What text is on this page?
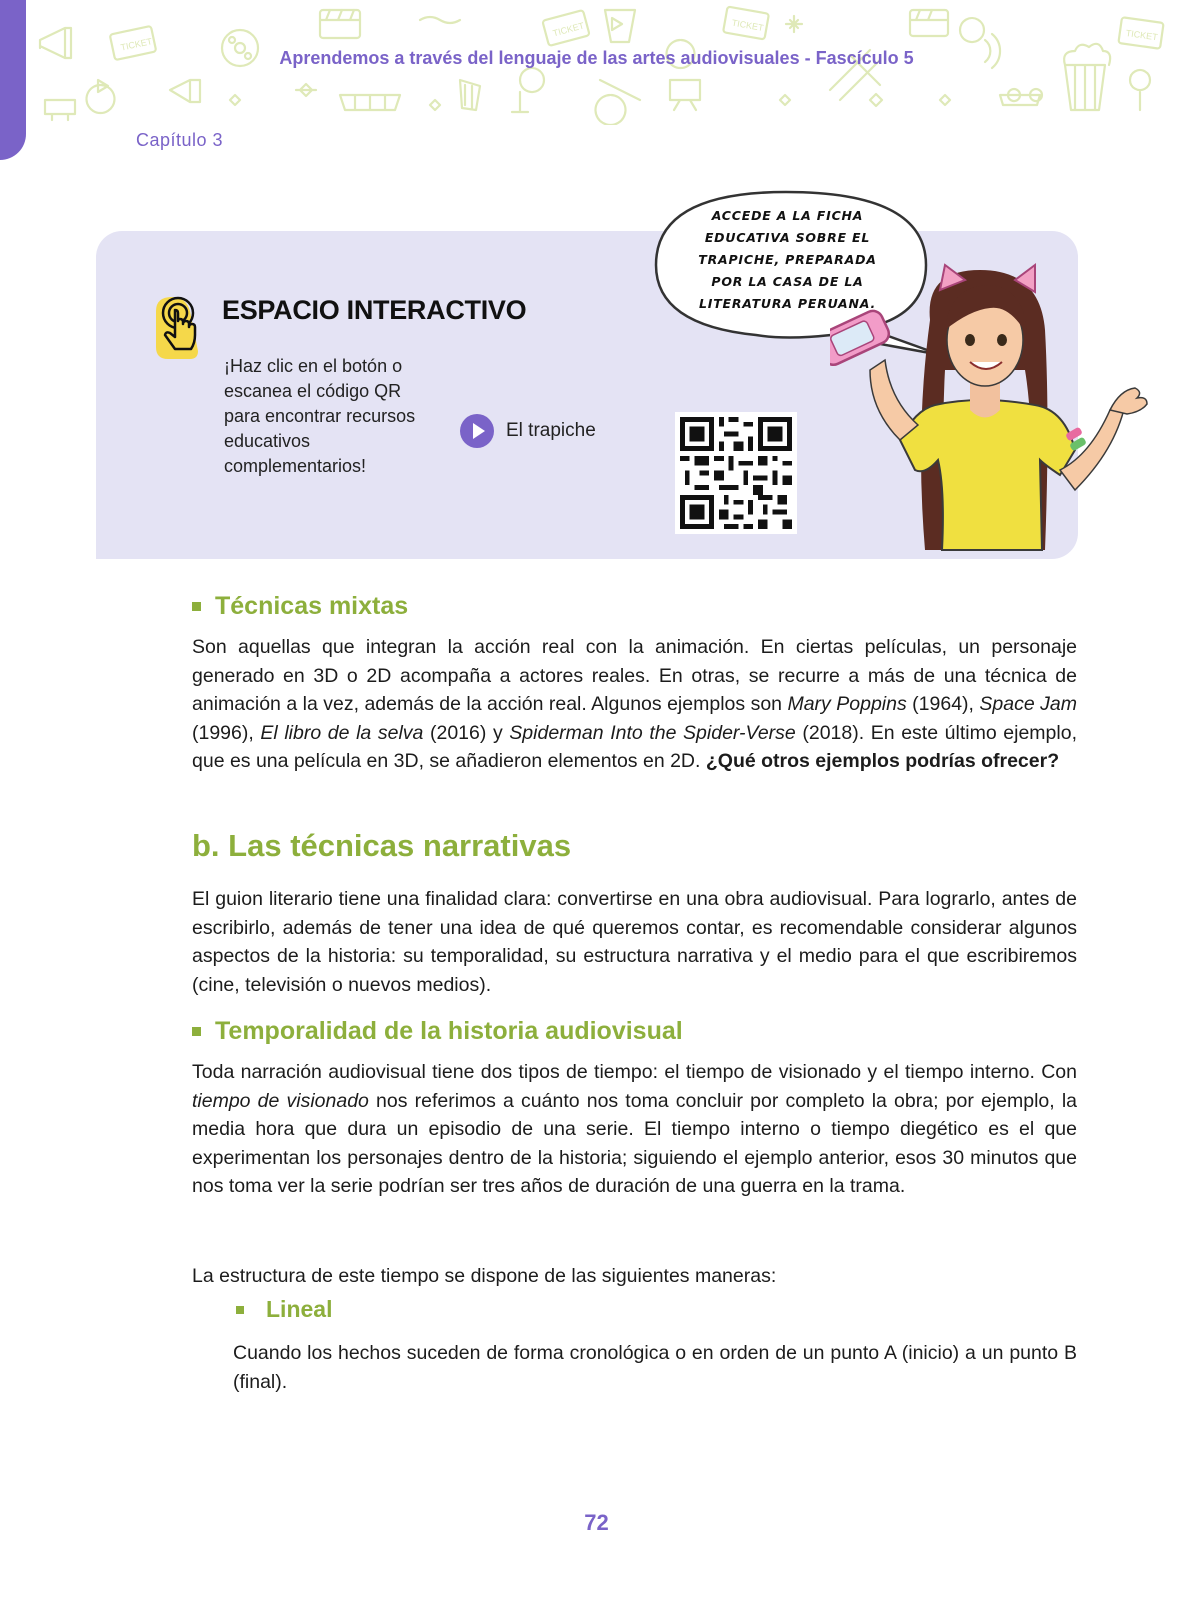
TICKET
TICKET	TICKET
TICKET
Aprendemos a través del lenguaje de las artes audiovisuales - Fascículo 5
Capítulo 3
ESPACIO INTERACTIVO
¡Haz clic en el botón o escanea el código QR para encontrar recursos educativos complementarios!
El trapiche
ACCEDE A LA FICHA EDUCATIVA SOBRE EL TRAPICHE, PREPARADA POR LA CASA DE LA LITERATURA PERUANA.
Técnicas mixtas
Son aquellas que integran la acción real con la animación. En ciertas películas, un personaje generado en 3D o 2D acompaña a actores reales. En otras, se recurre a más de una técnica de animación a la vez, además de la acción real. Algunos ejemplos son Mary Poppins (1964), Space Jam (1996), El libro de la selva (2016) y Spiderman Into the Spider-Verse (2018). En este último ejemplo, que es una película en 3D, se añadieron elementos en 2D. ¿Qué otros ejemplos podrías ofrecer?
b. Las técnicas narrativas
El guion literario tiene una finalidad clara: convertirse en una obra audiovisual. Para lograrlo, antes de escribirlo, además de tener una idea de qué queremos contar, es recomendable considerar algunos aspectos de la historia: su temporalidad, su estructura narrativa y el medio para el que escribiremos (cine, televisión o nuevos medios).
Temporalidad de la historia audiovisual
Toda narración audiovisual tiene dos tipos de tiempo: el tiempo de visionado y el tiempo interno. Con tiempo de visionado nos referimos a cuánto nos toma concluir por completo la obra; por ejemplo, la media hora que dura un episodio de una serie. El tiempo interno o tiempo diegético es el que experimentan los personajes dentro de la historia; siguiendo el ejemplo anterior, esos 30 minutos que nos toma ver la serie podrían ser tres años de duración de una guerra en la trama.
La estructura de este tiempo se dispone de las siguientes maneras:
Lineal
Cuando los hechos suceden de forma cronológica o en orden de un punto A (inicio) a un punto B (final).
72
